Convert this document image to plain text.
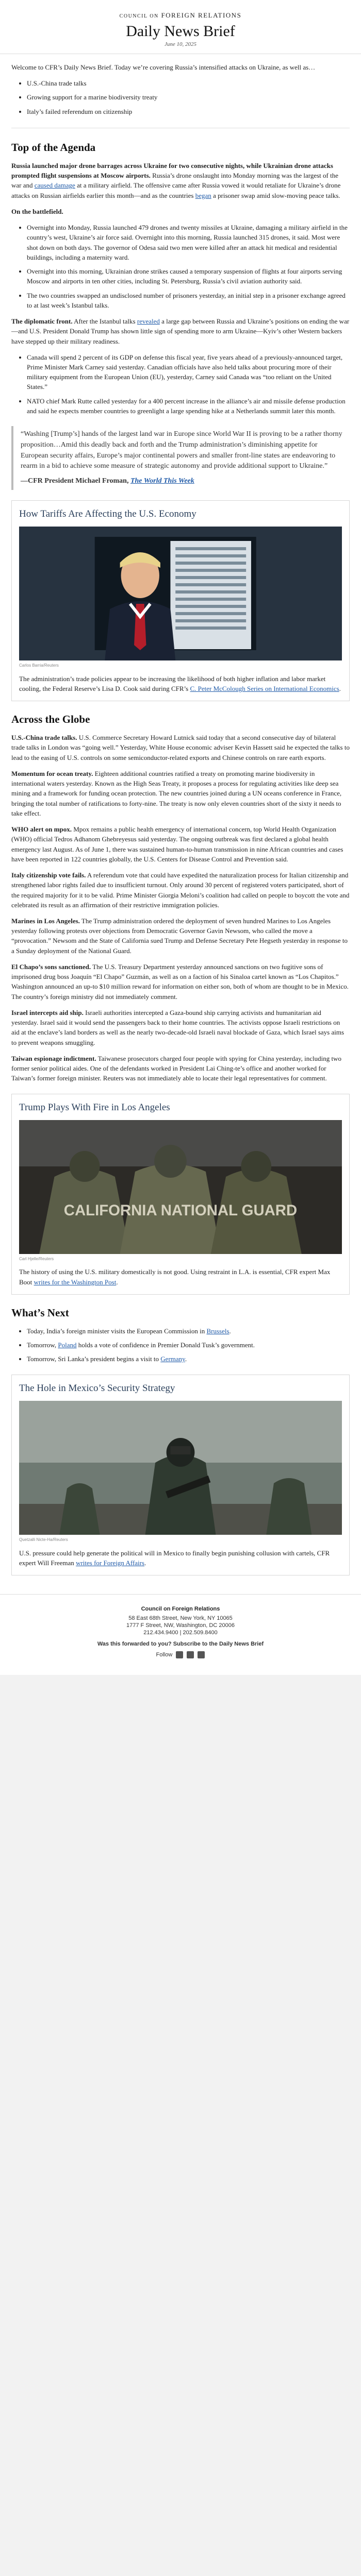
COUNCIL ON FOREIGN RELATIONS
Daily News Brief
June 10, 2025

Welcome to CFR’s Daily News Brief. Today we’re covering Russia’s intensified attacks on Ukraine, as well as…

• U.S.-China trade talks
• Growing support for a marine biodiversity treaty
• Italy’s failed referendum on citizenship
Top of the Agenda

Russia launched major drone barrages across Ukraine for two consecutive nights, while Ukrainian drone attacks prompted flight suspensions at Moscow airports. Russia’s drone onslaught into Monday morning was the largest of the war and caused damage at a military airfield. The offensive came after Russia vowed it would retaliate for Ukraine’s drone attacks on Russian airfields earlier this month—and as the countries began a prisoner swap amid slow-moving peace talks.

On the battlefield.

• Overnight into Monday, Russia launched 479 drones and twenty missiles at Ukraine, damaging a military airfield in the country’s west, Ukraine’s air force said. Overnight into this morning, Russia launched 315 drones, it said. Most were shot down on both days. The governor of Odesa said two men were killed after an attack hit medical and residential buildings, including a maternity ward.
• Overnight into this morning, Ukrainian drone strikes caused a temporary suspension of flights at four airports serving Moscow and airports in ten other cities, including St. Petersburg, Russia’s civil aviation authority said.
• The two countries swapped an undisclosed number of prisoners yesterday, an initial step in a prisoner exchange agreed to at last week’s Istanbul talks.

The diplomatic front. After the Istanbul talks revealed a large gap between Russia and Ukraine’s positions on ending the war—and U.S. President Donald Trump has shown little sign of spending more to arm Ukraine—Kyiv’s other Western backers have stepped up their military readiness.

• Canada will spend 2 percent of its GDP on defense this fiscal year, five years ahead of a previously-announced target, Prime Minister Mark Carney said yesterday. Canadian officials have also held talks about procuring more of their military equipment from the European Union (EU), yesterday, Carney said Canada was “too reliant on the United States.”
• NATO chief Mark Rutte called yesterday for a 400 percent increase in the alliance’s air and missile defense production and said he expects member countries to greenlight a large spending hike at a Netherlands summit later this month.
“Washing [Trump’s] hands of the largest land war in Europe since World War II is proving to be a rather thorny proposition…Amid this deadly back and forth and the Trump administration’s diminishing appetite for European security affairs, Europe’s major continental powers and smaller front-line states are endeavoring to rearm in a bid to achieve some measure of strategic autonomy and provide additional support to Ukraine.”
—CFR President Michael Froman, The World This Week
How Tariffs Are Affecting the U.S. Economy
Carlos Barria/Reuters

The administration’s trade policies appear to be increasing the likelihood of both higher inflation and labor market cooling, the Federal Reserve’s Lisa D. Cook said during CFR’s C. Peter McColough Series on International Economics.

Across the Globe

U.S.-China trade talks. U.S. Commerce Secretary Howard Lutnick said today that a second consecutive day of bilateral trade talks in London was “going well.” Yesterday, White House economic adviser Kevin Hassett said he expected the talks to lead to the easing of U.S. controls on some semiconductor-related exports and Chinese controls on rare earth exports.

Momentum for ocean treaty. Eighteen additional countries ratified a treaty on promoting marine biodiversity in international waters yesterday. Known as the High Seas Treaty, it proposes a process for regulating activities like deep sea mining and a framework for funding ocean protection. The new countries joined during a UN oceans conference in France, bringing the total number of ratifications to forty-nine. The treaty is now only eleven countries short of the sixty it needs to take effect.

WHO alert on mpox. Mpox remains a public health emergency of international concern, top World Health Organization (WHO) official Tedros Adhanom Ghebreyesus said yesterday. The ongoing outbreak was first declared a global health emergency last August. As of June 1, there was sustained human-to-human transmission in nine African countries and cases have been reported in 122 countries globally, the U.S. Centers for Disease Control and Prevention said.

Italy citizenship vote fails. A referendum vote that could have expedited the naturalization process for Italian citizenship and strengthened labor rights failed due to insufficient turnout. Only around 30 percent of registered voters participated, short of the required majority for it to be valid. Prime Minister Giorgia Meloni’s coalition had called on people to boycott the vote and celebrated its result as an affirmation of their restrictive immigration policies.

Marines in Los Angeles. The Trump administration ordered the deployment of seven hundred Marines to Los Angeles yesterday following protests over objections from Democratic Governor Gavin Newsom, who called the move a “provocation.” Newsom and the State of California sued Trump and Defense Secretary Pete Hegseth yesterday in response to a Sunday deployment of the National Guard.

El Chapo’s sons sanctioned. The U.S. Treasury Department yesterday announced sanctions on two fugitive sons of imprisoned drug boss Joaquín “El Chapo” Guzmán, as well as on a faction of his Sinaloa cartel known as “Los Chapitos.” Washington announced an up-to $10 million reward for information on either son, both of whom are thought to be in Mexico. The country’s foreign ministry did not immediately comment.

Israel intercepts aid ship. Israeli authorities intercepted a Gaza-bound ship carrying activists and humanitarian aid yesterday. Israel said it would send the passengers back to their home countries. The activists oppose Israeli restrictions on aid at the enclave’s land borders as well as the nearly two-decade-old Israeli naval blockade of Gaza, which Israel says aims to prevent weapons smuggling.

Taiwan espionage indictment. Taiwanese prosecutors charged four people with spying for China yesterday, including two former senior political aides. One of the defendants worked in President Lai Ching-te’s office and another worked for Taiwan’s former foreign minister. Reuters was not immediately able to locate their legal representatives for comment.

Trump Plays With Fire in Los Angeles
CALIFORNIA NATIONAL GUARD
Carl Hjelle/Reuters

The history of using the U.S. military domestically is not good. Using restraint in L.A. is essential, CFR expert Max Boot writes for the Washington Post.

What’s Next
• Today, India’s foreign minister visits the European Commission in Brussels.
• Tomorrow, Poland holds a vote of confidence in Premier Donald Tusk’s government.
• Tomorrow, Sri Lanka’s president begins a visit to Germany.
The Hole in Mexico’s Security Strategy
Quetzalli Nicte-Ha/Reuters

U.S. pressure could help generate the political will in Mexico to finally begin punishing collusion with cartels, CFR expert Will Freeman writes for Foreign Affairs.

Council on Foreign Relations

58 East 68th Street, New York, NY 10065

1777 F Street, NW, Washington, DC 20006

212.434.9400 | 202.509.8400

Was this forwarded to you? Subscribe to the Daily News Brief

Follow
